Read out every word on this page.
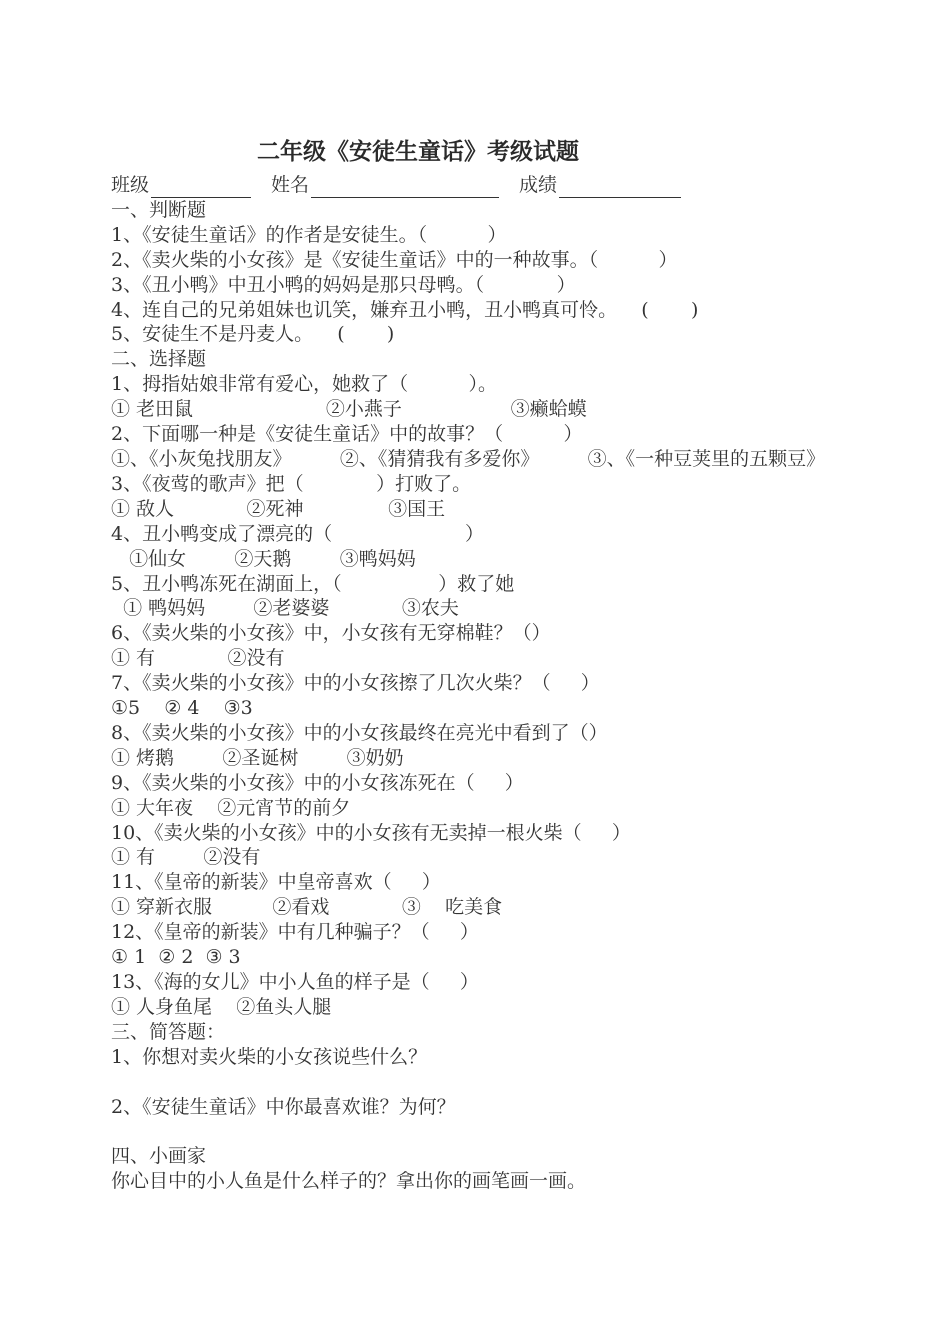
二年级《安徒生童话》考级试题
班级	姓名	成绩
一、判断题
1、《安徒生童话》的作者是安徒生。（          ）
2、《卖火柴的小女孩》是《安徒生童话》中的一种故事。（          ）
3、《丑小鸭》中丑小鸭的妈妈是那只母鸭。（            ）
4、连自己的兄弟姐妹也讥笑，嫌弃丑小鸭，丑小鸭真可怜。    (       )
5、安徒生不是丹麦人。    (       )
二、选择题
1、拇指姑娘非常有爱心，她救了（          ）。
① 老田鼠                      ②小燕子                  ③癞蛤蟆
2、下面哪一种是《安徒生童话》中的故事？（          ）
①、《小灰兔找朋友》        ②、《猜猜我有多爱你》        ③、《一种豆荚里的五颗豆》
3、《夜莺的歌声》把（            ）打败了。
① 敌人            ②死神              ③国王
4、丑小鸭变成了漂亮的（                      ）
①仙女        ②天鹅        ③鸭妈妈
5、丑小鸭冻死在湖面上，（                ）救了她
① 鸭妈妈        ②老婆婆            ③农夫
6、《卖火柴的小女孩》中，小女孩有无穿棉鞋？（）
① 有            ②没有
7、《卖火柴的小女孩》中的小女孩擦了几次火柴？（     ）
①5    ② 4    ③3
8、《卖火柴的小女孩》中的小女孩最终在亮光中看到了（）
① 烤鹅        ②圣诞树        ③奶奶
9、《卖火柴的小女孩》中的小女孩冻死在（     ）
① 大年夜    ②元宵节的前夕
10、《卖火柴的小女孩》中的小女孩有无卖掉一根火柴（     ）
① 有        ②没有
11、《皇帝的新装》中皇帝喜欢（     ）
① 穿新衣服          ②看戏            ③    吃美食
12、《皇帝的新装》中有几种骗子？（     ）
① 1  ② 2  ③ 3
13、《海的女儿》中小人鱼的样子是（     ）
① 人身鱼尾    ②鱼头人腿
三、简答题：
1、你想对卖火柴的小女孩说些什么？
2、《安徒生童话》中你最喜欢谁？为何？
四、小画家
你心目中的小人鱼是什么样子的？拿出你的画笔画一画。
